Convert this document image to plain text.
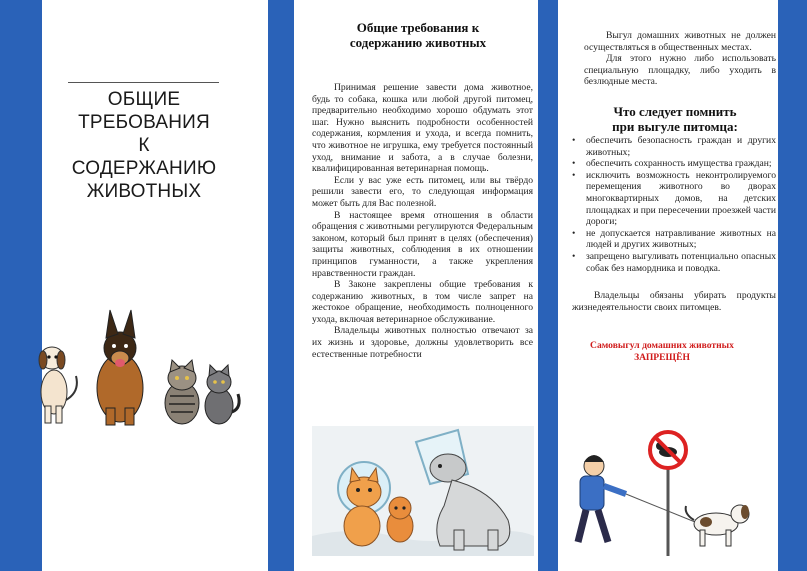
ОБЩИЕ
ТРЕБОВАНИЯ
К
СОДЕРЖАНИЮ
ЖИВОТНЫХ
Общие требования к
содержанию животных
Принимая решение завести дома животное, будь то собака, кошка или любой другой питомец, предварительно необходимо хорошо обдумать этот шаг. Нужно выяснить подробности особенностей содержания, кормления и ухода, и всегда помнить, что животное не игрушка, ему требуется постоянный уход, внимание и забота, а в случае болезни, квалифицированная ветеринарная помощь.
Если у вас уже есть питомец, или вы твёрдо решили завести его, то следующая информация может быть для Вас полезной.
В настоящее время отношения в области обращения с животными регулируются Федеральным законом, который был принят в целях (обеспечения) защиты животных, соблюдения в их отношении принципов гуманности, а также укрепления нравственности граждан.
В Законе закреплены общие требования к содержанию животных, в том числе запрет на жестокое обращение, необходимость полноценного ухода, включая ветеринарное обслуживание.
Владельцы животных полностью отвечают за их жизнь и здоровье, должны удовлетворить все естественные потребности
Выгул домашних животных не должен осуществляться в общественных местах.
Для этого нужно либо использовать специальную площадку, либо уходить в безлюдные места.
Что следует помнить
при выгуле питомца:
• обеспечить безопасность граждан и других животных;
• обеспечить сохранность имущества граждан;
• исключить возможность неконтролируемого перемещения животного во дворах многоквартирных домов, на детских площадках и при пересечении проезжей части дороги;
• не допускается натравливание животных на людей и других животных;
• запрещено выгуливать потенциально опасных собак без намордника и поводка.
Владельцы обязаны убирать продукты жизнедеятельности своих питомцев.
Самовыгул домашних животных
ЗАПРЕЩЁН
